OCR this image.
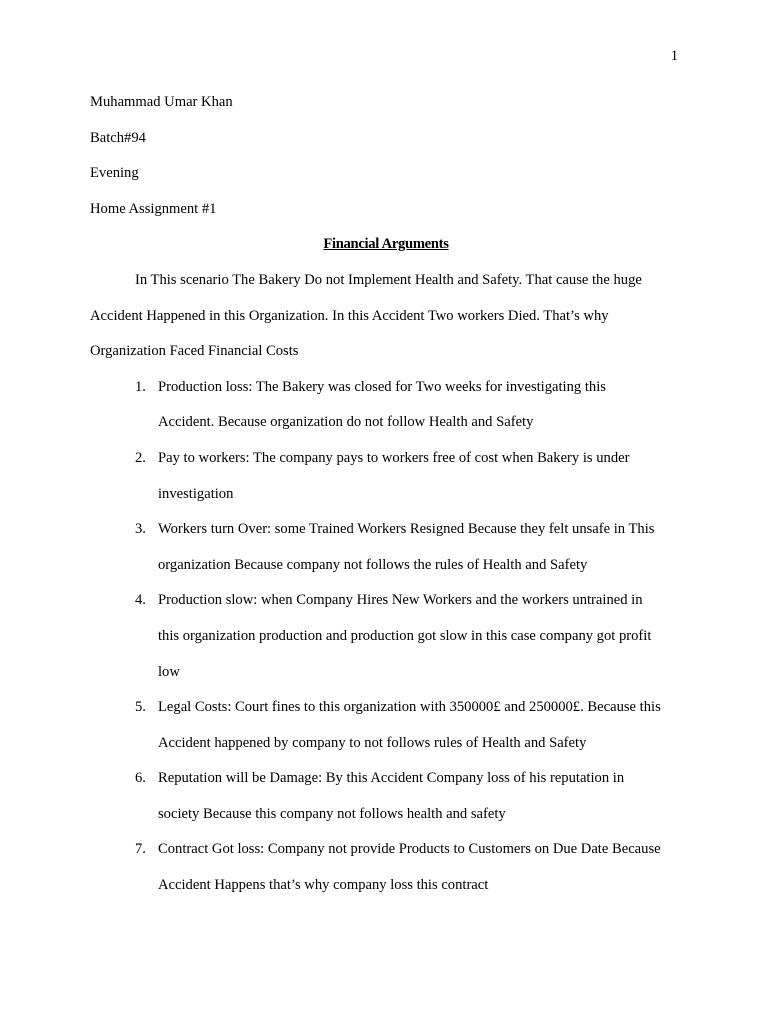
1
Muhammad Umar Khan
Batch#94
Evening
Home Assignment #1
Financial Arguments
In This scenario The Bakery Do not Implement Health and Safety. That cause the huge
Accident Happened in this Organization. In this Accident Two workers Died. That’s why
Organization Faced Financial Costs
1. Production loss: The Bakery was closed for Two weeks for investigating this
Accident. Because organization do not follow Health and Safety
2. Pay to workers: The company pays to workers free of cost when Bakery is under
investigation
3. Workers turn Over: some Trained Workers Resigned Because they felt unsafe in This
organization Because company not follows the rules of Health and Safety
4. Production slow: when Company Hires New Workers and the workers untrained in
this organization production and production got slow in this case company got profit
low
5. Legal Costs: Court fines to this organization with 350000£ and 250000£. Because this
Accident happened by company to not follows rules of Health and Safety
6. Reputation will be Damage: By this Accident Company loss of his reputation in
society Because this company not follows health and safety
7. Contract Got loss: Company not provide Products to Customers on Due Date Because
Accident Happens that’s why company loss this contract
